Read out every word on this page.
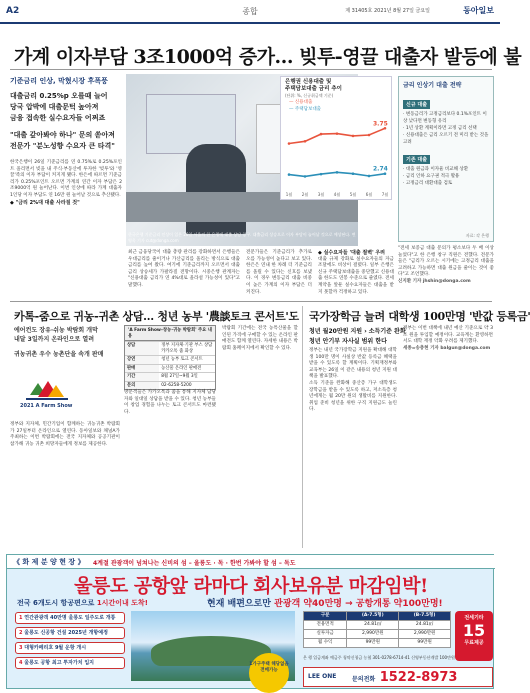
A2	종합	제 31405호 2021년 8월 27일 금요일	동아일보
가계 이자부담 3조1000억 증가… 빚투-영끌 대출자 발등에 불
기준금리 인상, 막혔시장 후폭풍
대출금리 0.25%p 오를때 늘어
당국 압박에 대출문턱 높아져
금융 접속한 실수요자들 어쩌죠
"대출 갚아봐야 하나" 문의 쏟아져
전문가 "분노성향 수요자 큰 타격"
한국은행 기준금리 인상이 있은 26일 서울의 한 은행에 대출 상담 창구. 대출금리 상승으로 이자 부담이 늘어날 것으로 예상된다. 변영욱 기자 cut@donga.com
은행권 신용대출 및
주택담보대출 금리 추이
(단위: %, 신규취급액 기준)
— 신용대출
— 주택담보대출
3.75
2.74
1월 2월 3월 4월 5월 6월 7월
금리 인상기 대출 전략
신규 대출
· 변동금리가 고정금리보다 0.1%포인트 이상 낮다면 변동형 유리
· 1년 상환 계획이라면 고정 금리 선택
· 신용대출은 금리 오르기 전 미리 받는 것을 고려
기존 대출
· 대출 원금과 이자율 비교해 상환
· 금리 인하 요구권 적극 활용
· 고정금리 대환대출 검토
자료: 각 은행

한국은행이 26일 기준금리를 연 0.75%로 0.25%포인트 올리면서 빚을 내 주식·부동산에 투자한 '빚투'와 '영끌'족의 이자 부담이 커지게 됐다. 한은에 따르면 기준금리가 0.25%포인트 오르면 가계의 연간 이자 부담은 2조9000억 원 늘어난다. 이번 인상에 따라 가계 대출자 1인당 이자 부담도 연 16만 원 늘어날 것으로 추산됐다.

◆ "금리 2%대 대출 사라질 것"

최근 금융당국이 대출 총량 관리를 강화하면서 은행들은 우대금리를 줄이거나 가산금리를 올리는 방식으로 대출금리를 높여 왔다. 여기에 기준금리까지 오르면서 대출금리 상승세가 가팔라질 전망이다. 시중은행 관계자는 "신용대출 금리가 연 4%대로 올라설 가능성이 있다"고 말했다.

전문가들은 기준금리가 추가로 오를 가능성이 높다고 보고 있다. 한은은 연내 한 차례 더 기준금리를 올릴 수 있다는 신호를 보냈다. 이 경우 변동금리 대출 비중이 높은 가계의 이자 부담은 더 커진다.

◆ 실수요자들 '대출 절벽' 우려

대출 규제 강화로 실수요자들의 자금 조달에도 비상이 걸렸다. 일부 은행은 신규 주택담보대출을 중단했고 신용대출 한도도 연봉 수준으로 줄였다. 전세 계약을 앞둔 실수요자들은 대출을 받지 못할까 걱정하고 있다.

"전세 보증금 대출 문의가 평소보다 두 배 이상 늘었다"고 한 은행 창구 직원은 전했다. 전문가들은 "금리가 오르는 시기에는 고정금리 대출을 고려하고 가능하면 대출 원금을 줄이는 것이 좋다"고 조언했다.

신지환 기자 jhshin@donga.com

카톡-줌으로 귀농-귀촌 상담… 청년 농부 '農談토크 콘서트'도
에어컨도 장유·쉬농 박람회 개막
내달 3일까지 온라인으로 열려
귀농귀촌 우수 농촌단을 속개 판매
2021 A Farm Show
'A Farm Show–창농·귀농 박람회' 주요 내용
상담	정부 지자체·기관 부스 상담 카카오톡 줌 화상
강연	청년 농부 토크 콘서트
판매	농산물 온라인 판매전
기간	8월 27일~9월 3일
문의	02-6258-5200

정부와 지자체, 민간기업이 함께하는 귀농귀촌 박람회가 27일부터 온라인으로 열린다. 동아일보와 채널A가 주최하는 이번 박람회에는 전국 지자체와 공공기관이 참가해 귀농 귀촌 희망자들에게 정보를 제공한다.

방문객들은 카카오톡과 줌을 통해 지자체 담당자와 일대일 상담을 받을 수 있다. 청년 농부들이 창업 경험을 나누는 토크 콘서트도 마련됐다.

박람회 기간에는 전국 농특산물을 할인된 가격에 구매할 수 있는 온라인 판매전도 함께 열린다. 자세한 내용은 박람회 홈페이지에서 확인할 수 있다.

국가장학금 늘려 대학생 100만명 '반값 등록금'
청년 월20만원 지원 › 소득기준 완화
청년 안기부 자사실 범위 한다

정부는 내년 국가장학금 지원을 확대해 대학생 100만 명이 사실상 반값 등록금 혜택을 받을 수 있도록 할 계획이다. 기획재정부와 교육부는 26일 이 같은 내용의 청년 지원 대책을 발표했다.

소득 기준을 완화해 중산층 가구 대학생도 장학금을 받을 수 있도록 하고, 저소득층 청년에게는 월 20만 원의 생활비를 지원한다. 취업 준비 청년을 위한 구직 지원금도 늘린다.

정부는 이번 대책에 내년 예산 기준으로 약 3조 원을 투입할 예정이다. 교육계는 환영하면서도 대학 재정 악화 우려를 제기했다.

세종=송충현 기자 balgun@donga.com

《 화 제 분 양 현 장 》 4계절 관광객이 넘쳐나는 신비의 섬 – 울릉도 · 독 · 한번 가봐야 할 섬 – 독도
울릉도 공항앞 라마다 회사보유분 마감임박!
전국 6개도시 항공편으로 1시간이내 도착!	현재 배편으로만 관광객 약40만명 → 공항개통 약100만명!
1 연간관광객 40만명 울릉도 일주도로 개통
2 울릉도 신공항 건설 2025년 개항예정
3 대형카페리호 9월 운항 개시
4 울릉도 공항 최고 투자가치 입지	1가구주택 해당없음 전매가능
구분	(A-7.5형)	(B-7.5형)
전용면적	24.81㎡	24.81㎡
실투자금	2,990만원	2,990만원
월 수익	99만원	99만원
전세기타
15
무료제공
은 행 입금계좌 예금주 청약신청금 농협 301-0278-6714-41 신영부동산개발 100만원
LEE ONE	문의전화 1522-8973
